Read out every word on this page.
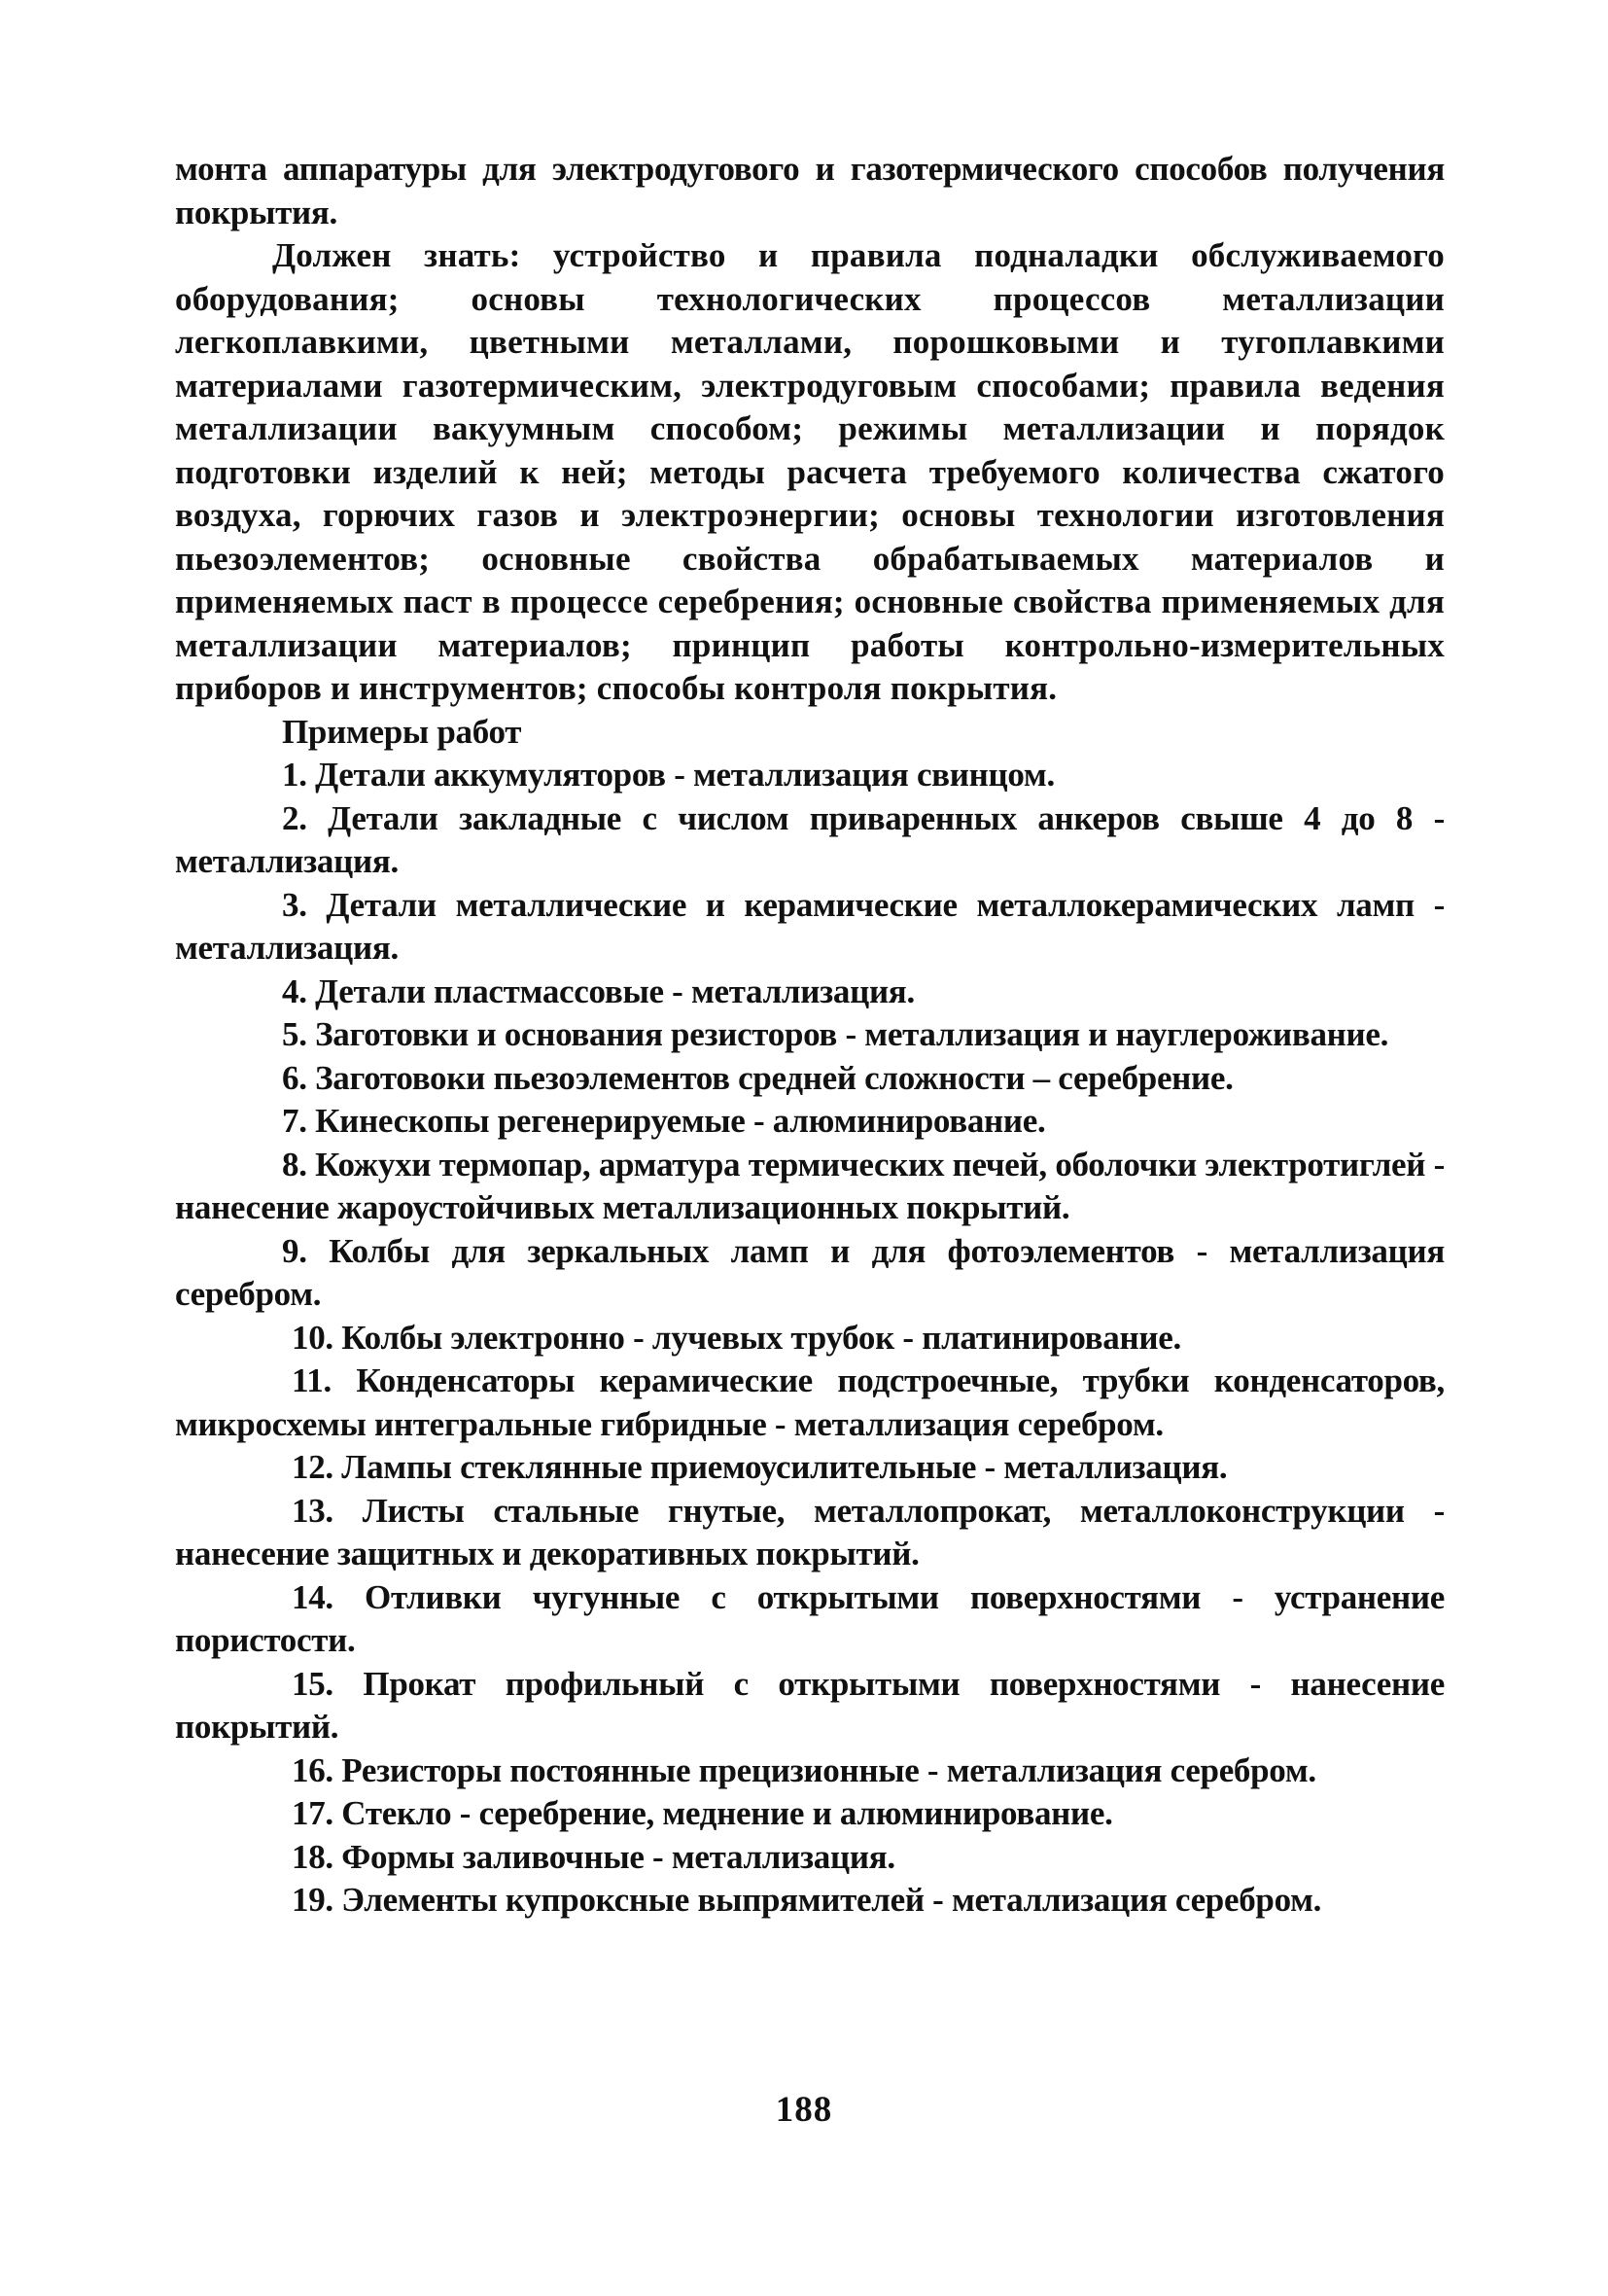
монта аппаратуры для электродугового и газотермического способов получения покрытия.

Должен знать: устройство и правила подналадки обслуживаемого оборудования; основы технологических процессов металлизации легкоплавкими, цветными металлами, порошковыми и тугоплавкими материалами газотермическим, электродуговым способами; правила ведения металлизации вакуумным способом; режимы металлизации и порядок подготовки изделий к ней; методы расчета требуемого количества сжатого воздуха, горючих газов и электроэнергии; основы технологии изготовления пьезоэлементов; основные свойства обрабатываемых материалов и применяемых паст в процессе серебрения; основные свойства применяемых для металлизации материалов; принцип работы контрольно-измерительных приборов и инструментов; способы контроля покрытия.

Примеры работ

1. Детали аккумуляторов - металлизация свинцом.
2. Детали закладные с числом приваренных анкеров свыше 4 до 8 - металлизация.
3. Детали металлические и керамические металлокерамических ламп - металлизация.
4. Детали пластмассовые - металлизация.
5. Заготовки и основания резисторов - металлизация и науглероживание.
6. Заготовоки пьезоэлементов средней сложности – серебрение.
7. Кинескопы регенерируемые - алюминирование.
8. Кожухи термопар, арматура термических печей, оболочки электротиглей - нанесение жароустойчивых металлизационных покрытий.
9. Колбы для зеркальных ламп и для фотоэлементов - металлизация серебром.
10. Колбы электронно - лучевых трубок - платинирование.
11. Конденсаторы керамические подстроечные, трубки конденсаторов, микросхемы интегральные гибридные - металлизация серебром.
12. Лампы стеклянные приемоусилительные - металлизация.
13. Листы стальные гнутые, металлопрокат, металлоконструкции - нанесение защитных и декоративных покрытий.
14. Отливки чугунные с открытыми поверхностями - устранение пористости.
15. Прокат профильный с открытыми поверхностями - нанесение покрытий.
16. Резисторы постоянные прецизионные - металлизация серебром.
17. Стекло - серебрение, меднение и алюминирование.
18. Формы заливочные - металлизация.
19. Элементы купроксные выпрямителей - металлизация серебром.
188
